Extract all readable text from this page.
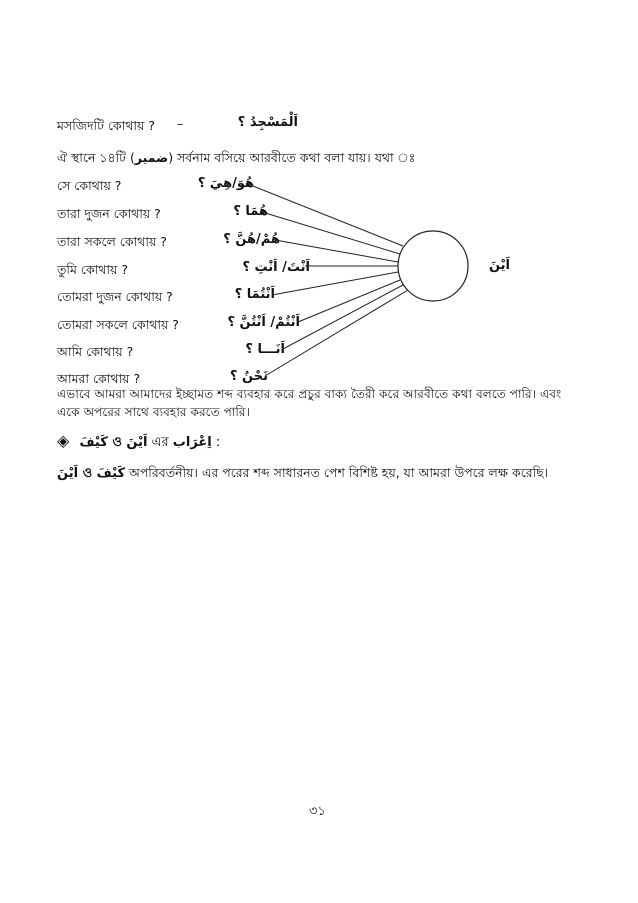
মসজিদটি কোথায় ? –	اَلْمَسْجِدُ ؟
ঐ স্থানে ১৪টি (ضمير) সর্বনাম বসিয়ে আরবীতে কথা বলা যায়। যথা ঃ
সে কোথায় ?
তারা দুজন কোথায় ?
তারা সকলে কোথায় ?
তুমি কোথায় ?
তোমরা দুজন কোথায় ?
তোমরা সকলে কোথায় ?
আমি কোথায় ?
আমরা কোথায় ?
هُوَ/هِيَ ؟
هُمَا ؟
هُمْ/هُنَّ ؟
اَنْتَ/ اَنْتِ ؟
اَنْتُمَا ؟
اَنْتُمْ/ اَنْتُنَّ ؟
اَنَـــا ؟
نَحْنُ ؟
اَيْنَ
এভাবে আমরা আমাদের ইচ্ছামত শব্দ ব্যবহার করে প্রচুর বাক্য তৈরী করে আরবীতে কথা বলতে পারি। এবং একে অপরের সাথে ব্যবহার করতে পারি।
◈ اَيْنَ ও كَيْفَ এর اِعْرَاب :
كَيْفَ ও اَيْنَ অপরিবর্তনীয়। এর পরের শব্দ সাধারনত পেশ বিশিষ্ট হয়, যা আমরা উপরে লক্ষ করেছি।
৩১
